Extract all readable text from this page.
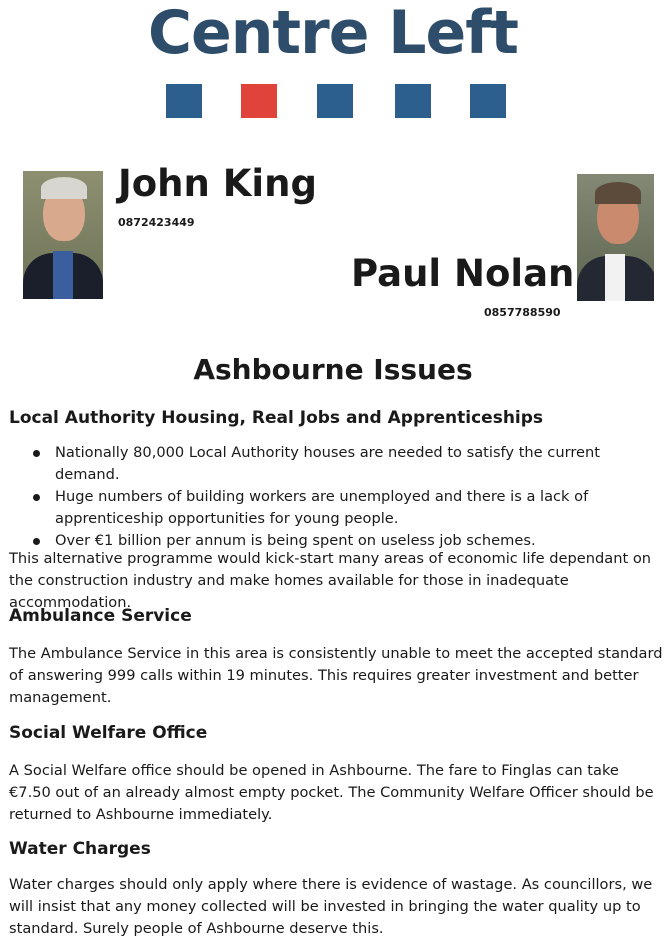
Centre Left
John King
0872423449
Paul Nolan
0857788590
Ashbourne Issues
Local Authority Housing, Real Jobs and Apprenticeships
Nationally 80,000 Local Authority houses are needed to satisfy the current demand.
Huge numbers of building workers are unemployed and there is a lack of apprenticeship opportunities for young people.
Over €1 billion per annum is being spent on useless job schemes.
This alternative programme would kick-start many areas of economic life dependant on the construction industry and make homes available for those in inadequate accommodation.
Ambulance Service
The Ambulance Service in this area is consistently unable to meet the accepted standard of answering 999 calls within 19 minutes. This requires greater investment and better management.
Social Welfare Office
A Social Welfare office should be opened in Ashbourne. The fare to Finglas can take €7.50 out of an already almost empty pocket. The Community Welfare Officer should be returned to Ashbourne immediately.
Water Charges
Water charges should only apply where there is evidence of wastage. As councillors, we will insist that any money collected will be invested in bringing the water quality up to standard. Surely people of Ashbourne deserve this.
